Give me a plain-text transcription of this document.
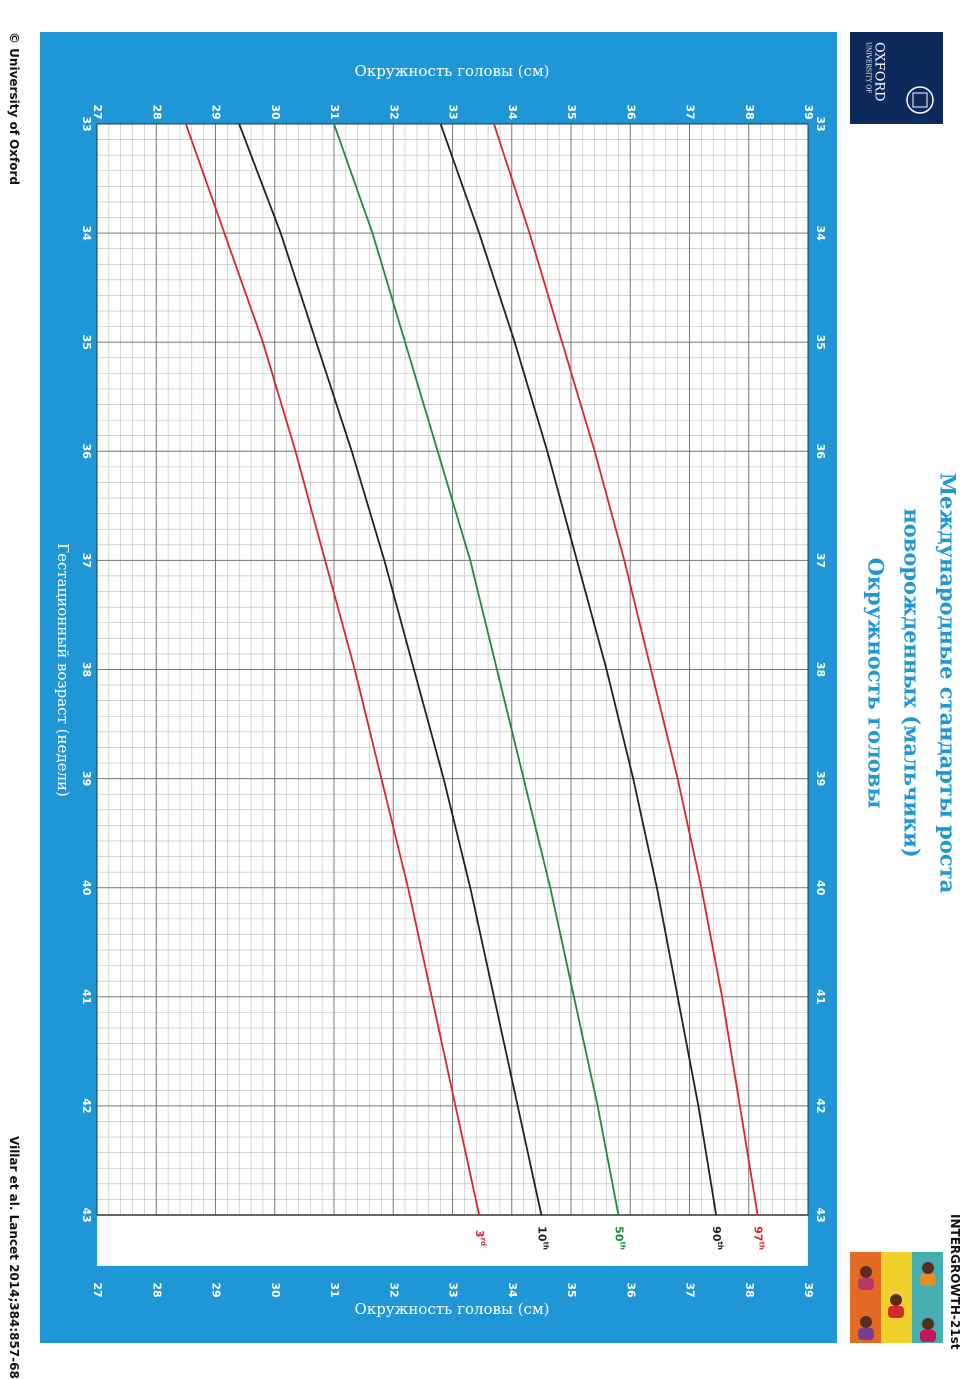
27
27
28
28
29
29
30
30
31
31
32
32
33
33
34
34
35
35
36
36
37
37
38
38
39
39
33	33
34	34
35	35
36	36
37	37
38	38
39	39
40	40
41	41
42	42
43	43
Окружность головы (см)
Окружность головы (см)
Гестационный возраст (недели)
3rd
10th
50th
90th
97th
Международные стандарты роста
новорожденных (мальчики)
Окружность головы
UNIVERSITY OF OXFORD
© University of Oxford
Villar et al. Lancet 2014;384:857-68	INTERGROWTH-21st
